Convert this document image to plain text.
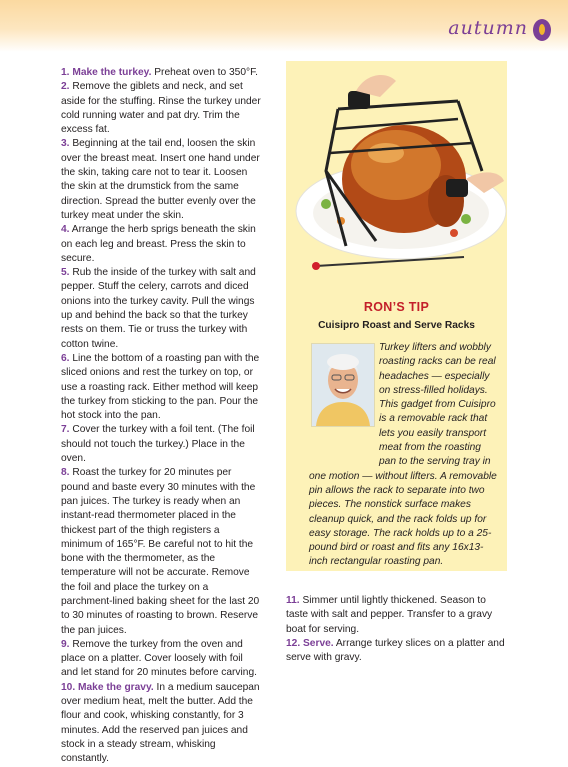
autumn

1. Make the turkey. Preheat oven to 350°F.

2. Remove the giblets and neck, and set aside for the stuffing. Rinse the turkey under cold running water and pat dry. Trim the excess fat.

3. Beginning at the tail end, loosen the skin over the breast meat. Insert one hand under the skin, taking care not to tear it. Loosen the skin at the drumstick from the same direction. Spread the butter evenly over the turkey meat under the skin.

4. Arrange the herb sprigs beneath the skin on each leg and breast. Press the skin to secure.

5. Rub the inside of the turkey with salt and pepper. Stuff the celery, carrots and diced onions into the turkey cavity. Pull the wings up and behind the back so that the turkey rests on them. Tie or truss the turkey with cotton twine.

6. Line the bottom of a roasting pan with the sliced onions and rest the turkey on top, or use a roasting rack. Either method will keep the turkey from sticking to the pan. Pour the hot stock into the pan.

7. Cover the turkey with a foil tent. (The foil should not touch the turkey.) Place in the oven.

8. Roast the turkey for 20 minutes per pound and baste every 30 minutes with the pan juices. The turkey is ready when an instant-read thermometer placed in the thickest part of the thigh registers a minimum of 165°F. Be careful not to hit the bone with the thermometer, as the temperature will not be accurate. Remove the foil and place the turkey on a parchment-lined baking sheet for the last 20 to 30 minutes of roasting to brown. Reserve the pan juices.

9. Remove the turkey from the oven and place on a platter. Cover loosely with foil and let stand for 20 minutes before carving.

10. Make the gravy. In a medium saucepan over medium heat, melt the butter. Add the flour and cook, whisking constantly, for 3 minutes. Add the reserved pan juices and stock in a steady stream, whisking constantly.

RON’S TIP
Cuisipro Roast and Serve Racks
Turkey lifters and wobbly roasting racks can be real headaches — especially on stress-filled holidays. This gadget from Cuisipro is a removable rack that lets you easily transport meat from the roasting pan to the serving tray in one motion — without lifters. A removable pin allows the rack to separate into two pieces. The nonstick surface makes cleanup quick, and the rack folds up for easy storage. The rack holds up to a 25-pound bird or roast and fits any 16x13-inch rectangular roasting pan.

11. Simmer until lightly thickened. Season to taste with salt and pepper. Transfer to a gravy boat for serving.

12. Serve. Arrange turkey slices on a platter and serve with gravy.
